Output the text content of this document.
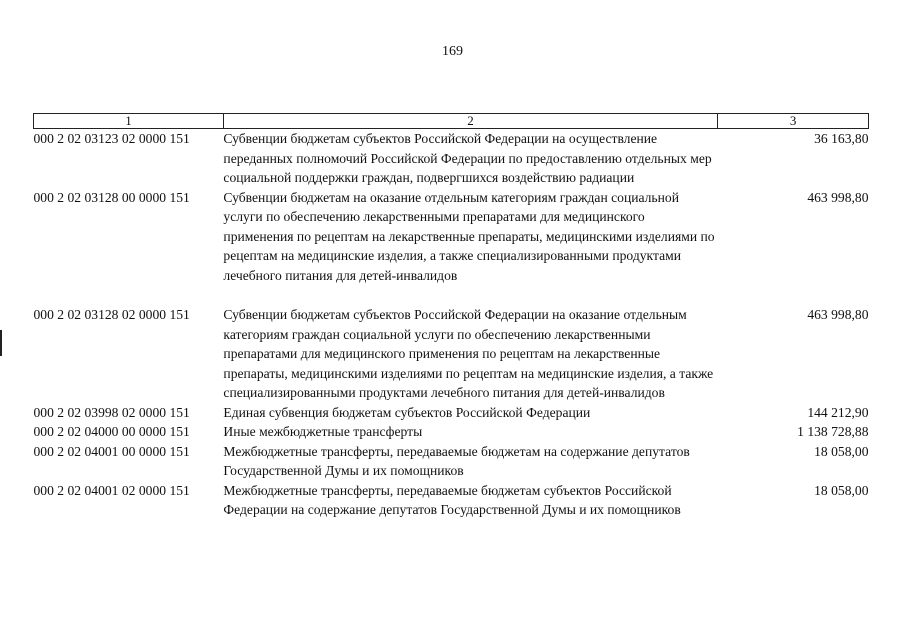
169
1	2	3
000 2 02 03123 02 0000 151	Субвенции бюджетам субъектов Российской Федерации на осуществление переданных полномочий Российской Федерации по предоставлению отдельных мер социальной поддержки граждан, подвергшихся воздействию радиации	36 163,80
000 2 02 03128 00 0000 151	Субвенции бюджетам на оказание отдельным категориям граждан социальной услуги по обеспечению лекарственными препаратами для медицинского применения по рецептам на лекарственные препараты, медицинскими изделиями по рецептам на медицинские изделия, а также специализированными продуктами лечебного питания для детей-инвалидов	463 998,80

000 2 02 03128 02 0000 151	Субвенции бюджетам субъектов Российской Федерации на оказание отдельным категориям граждан социальной услуги по обеспечению лекарственными препаратами для медицинского применения по рецептам на лекарственные препараты, медицинскими изделиями по рецептам на медицинские изделия, а также специализированными продуктами лечебного питания для детей-инвалидов	463 998,80
000 2 02 03998 02 0000 151	Единая субвенция бюджетам субъектов Российской Федерации	144 212,90
000 2 02 04000 00 0000 151	Иные межбюджетные трансферты	1 138 728,88
000 2 02 04001 00 0000 151	Межбюджетные трансферты, передаваемые бюджетам на содержание депутатов Государственной Думы и их помощников	18 058,00
000 2 02 04001 02 0000 151	Межбюджетные трансферты, передаваемые бюджетам субъектов Российской Федерации на содержание депутатов Государственной Думы и их помощников	18 058,00
